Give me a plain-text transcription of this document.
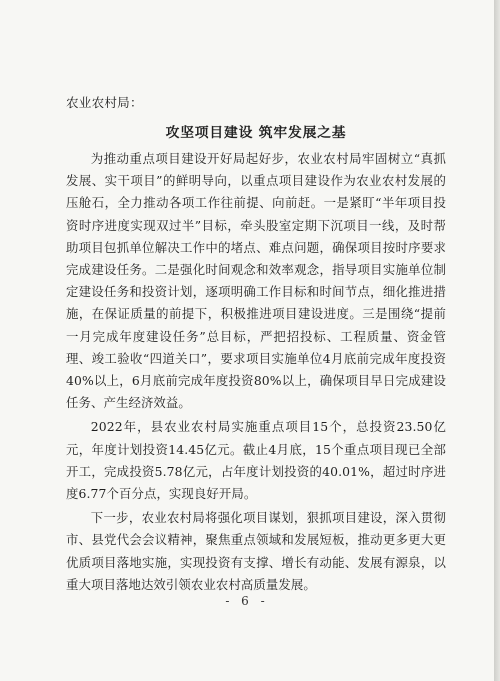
农业农村局：

攻坚项目建设 筑牢发展之基

为推动重点项目建设开好局起好步，农业农村局牢固树立“真抓发展、实干项目”的鲜明导向，以重点项目建设作为农业农村发展的压舱石，全力推动各项工作往前提、向前赶。一是紧盯“半年项目投资时序进度实现双过半”目标，牵头股室定期下沉项目一线，及时帮助项目包抓单位解决工作中的堵点、难点问题，确保项目按时序要求完成建设任务。二是强化时间观念和效率观念，指导项目实施单位制定建设任务和投资计划，逐项明确工作目标和时间节点，细化推进措施，在保证质量的前提下，积极推进项目建设进度。三是围绕“提前一月完成年度建设任务”总目标，严把招投标、工程质量、资金管理、竣工验收“四道关口”，要求项目实施单位4月底前完成年度投资40%以上，6月底前完成年度投资80%以上，确保项目早日完成建设任务、产生经济效益。

2022年，县农业农村局实施重点项目15个，总投资23.50亿元，年度计划投资14.45亿元。截止4月底，15个重点项目现已全部开工，完成投资5.78亿元，占年度计划投资的40.01%，超过时序进度6.77个百分点，实现良好开局。

下一步，农业农村局将强化项目谋划，狠抓项目建设，深入贯彻市、县党代会会议精神，聚焦重点领域和发展短板，推动更多更大更优质项目落地实施，实现投资有支撑、增长有动能、发展有源泉，以重大项目落地达效引领农业农村高质量发展。

- 6 -
